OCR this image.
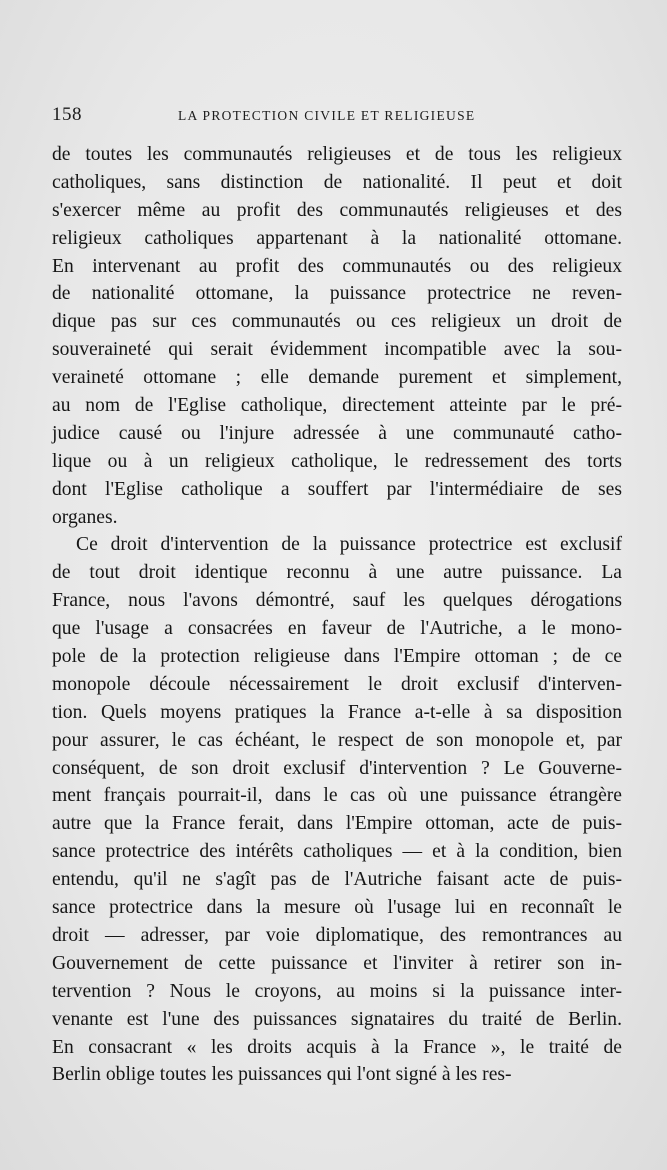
158	LA PROTECTION CIVILE ET RELIGIEUSE
de toutes les communautés religieuses et de tous les religieux
catholiques, sans distinction de nationalité. Il peut et doit
s'exercer même au profit des communautés religieuses et des
religieux catholiques appartenant à la nationalité ottomane.
En intervenant au profit des communautés ou des religieux
de nationalité ottomane, la puissance protectrice ne reven-
dique pas sur ces communautés ou ces religieux un droit de
souveraineté qui serait évidemment incompatible avec la sou-
veraineté ottomane ; elle demande purement et simplement,
au nom de l'Eglise catholique, directement atteinte par le pré-
judice causé ou l'injure adressée à une communauté catho-
lique ou à un religieux catholique, le redressement des torts
dont l'Eglise catholique a souffert par l'intermédiaire de ses
organes.
Ce droit d'intervention de la puissance protectrice est exclusif
de tout droit identique reconnu à une autre puissance. La
France, nous l'avons démontré, sauf les quelques dérogations
que l'usage a consacrées en faveur de l'Autriche, a le mono-
pole de la protection religieuse dans l'Empire ottoman ; de ce
monopole découle nécessairement le droit exclusif d'interven-
tion. Quels moyens pratiques la France a-t-elle à sa disposition
pour assurer, le cas échéant, le respect de son monopole et, par
conséquent, de son droit exclusif d'intervention ? Le Gouverne-
ment français pourrait-il, dans le cas où une puissance étrangère
autre que la France ferait, dans l'Empire ottoman, acte de puis-
sance protectrice des intérêts catholiques — et à la condition, bien
entendu, qu'il ne s'agît pas de l'Autriche faisant acte de puis-
sance protectrice dans la mesure où l'usage lui en reconnaît le
droit — adresser, par voie diplomatique, des remontrances au
Gouvernement de cette puissance et l'inviter à retirer son in-
tervention ? Nous le croyons, au moins si la puissance inter-
venante est l'une des puissances signataires du traité de Berlin.
En consacrant « les droits acquis à la France », le traité de
Berlin oblige toutes les puissances qui l'ont signé à les res-
